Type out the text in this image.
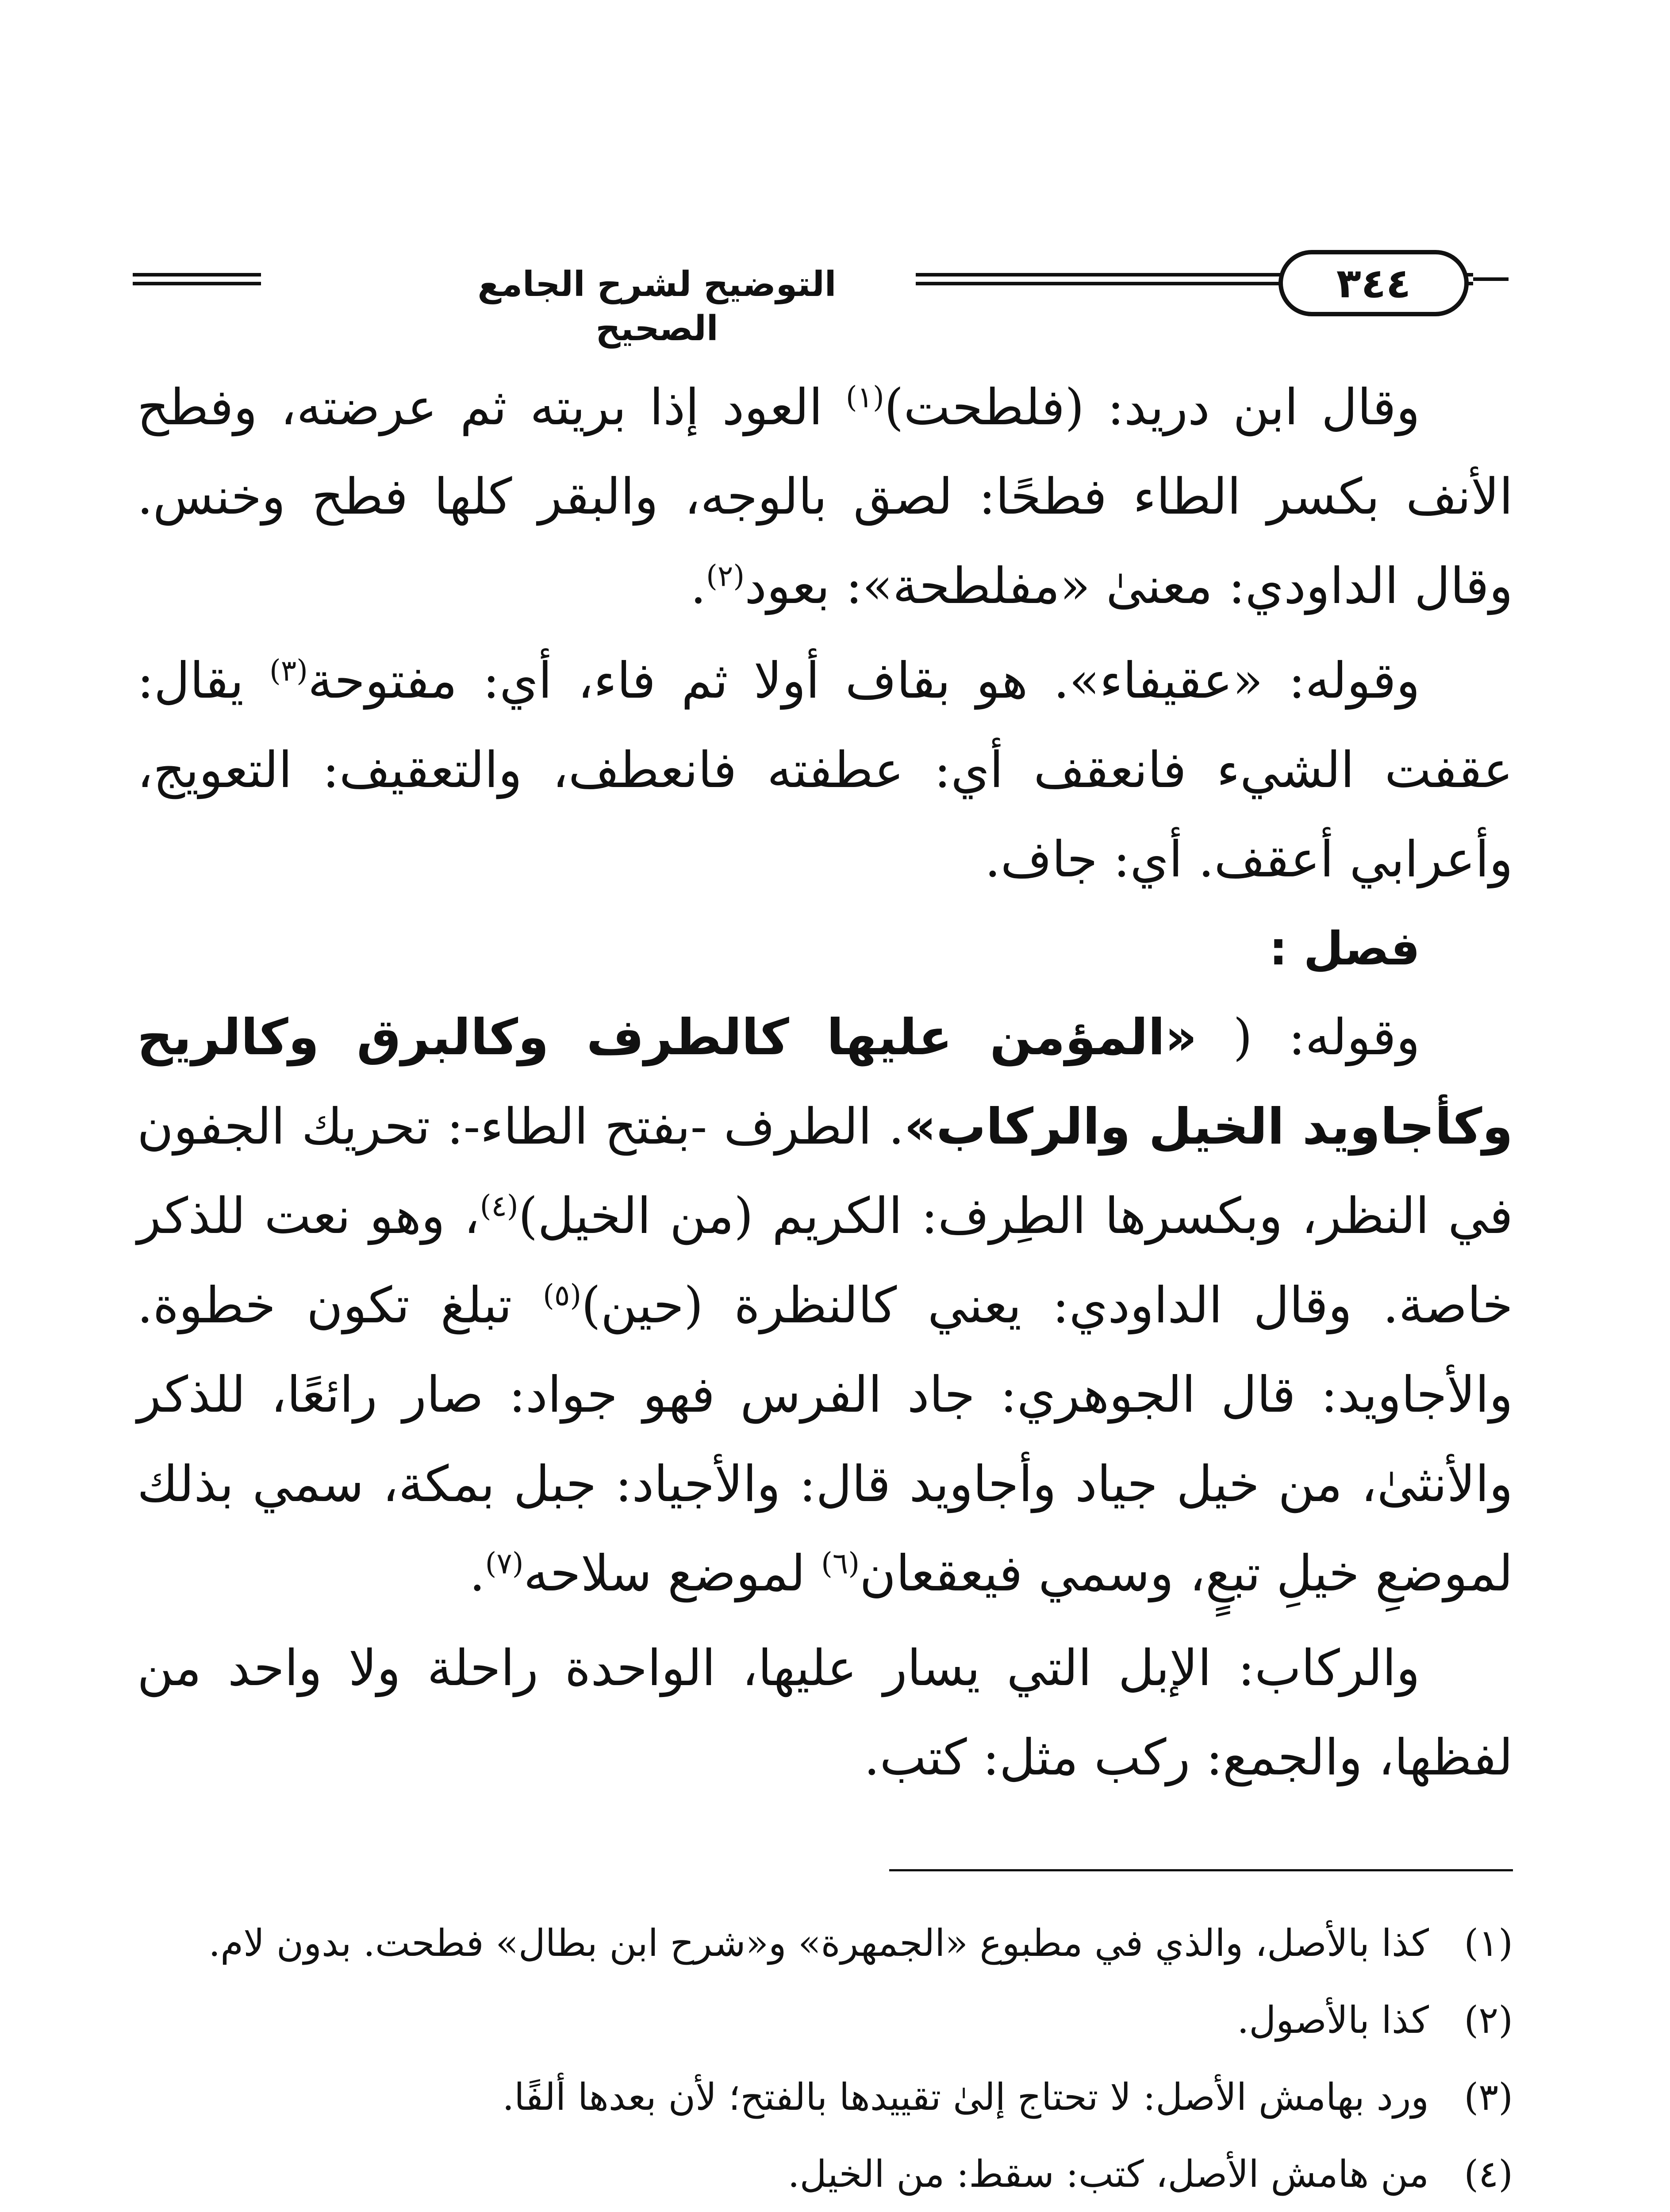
التوضيح لشرح الجامع الصحيح
٣٤٤

وقال ابن دريد: (فلطحت)$^{(١)}$ العود إذا بريته ثم عرضته، وفطح الأنف بكسر الطاء فطحًا: لصق بالوجه، والبقر كلها فطح وخنس. وقال الداودي: معنىٰ «مفلطحة»: بعود$^{(٢)}$.

وقوله: «عقيفاء». هو بقاف أولا ثم فاء، أي: مفتوحة$^{(٣)}$ يقال: عقفت الشيء فانعقف أي: عطفته فانعطف، والتعقيف: التعويج، وأعرابي أعقف. أي: جاف.

فصل :

وقوله: ( «المؤمن عليها كالطرف وكالبرق وكالريح وكأجاويد الخيل والركاب». الطرف -بفتح الطاء-: تحريك الجفون في النظر، وبكسرها الطِرف: الكريم (من الخيل)$^{(٤)}$، وهو نعت للذكر خاصة. وقال الداودي: يعني كالنظرة (حين)$^{(٥)}$ تبلغ تكون خطوة. والأجاويد: قال الجوهري: جاد الفرس فهو جواد: صار رائعًا، للذكر والأنثىٰ، من خيل جياد وأجاويد قال: والأجياد: جبل بمكة، سمي بذلك لموضعِ خيلِ تبعٍ، وسمي فيعقعان$^{(٦)}$ لموضع سلاحه$^{(٧)}$.

والركاب: الإبل التي يسار عليها، الواحدة راحلة ولا واحد من لفظها، والجمع: ركب مثل: كتب.

(١)
كذا بالأصل، والذي في مطبوع «الجمهرة» و«شرح ابن بطال» فطحت. بدون لام.
(٢)
كذا بالأصول.
(٣)
ورد بهامش الأصل: لا تحتاج إلىٰ تقييدها بالفتح؛ لأن بعدها ألفًا.
(٤)
من هامش الأصل، كتب: سقط: من الخيل.
